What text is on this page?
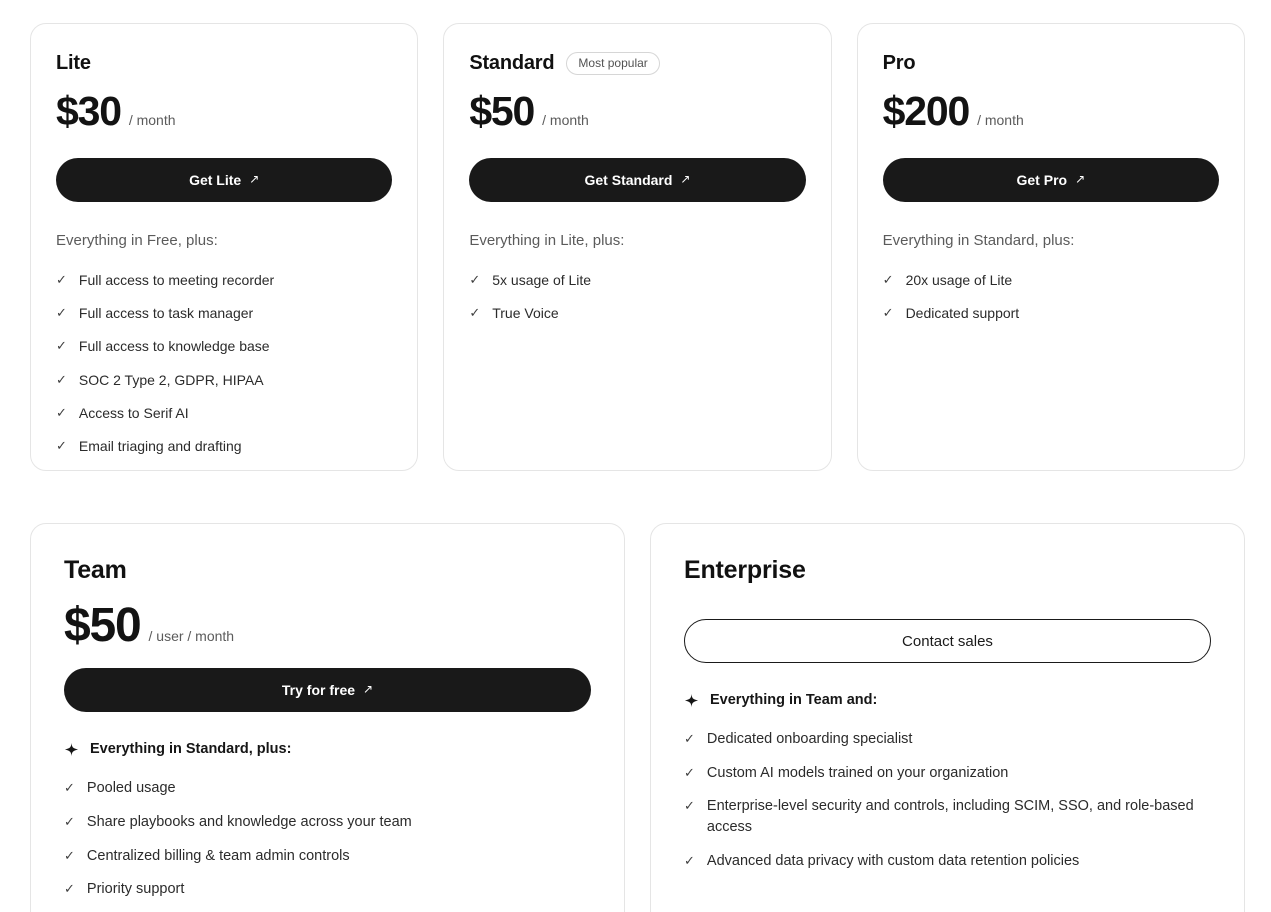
Lite
$30 / month
Get Lite ↗

Everything in Free, plus:

✓ Full access to meeting recorder
✓ Full access to task manager
✓ Full access to knowledge base
✓ SOC 2 Type 2, GDPR, HIPAA
✓ Access to Serif AI
✓ Email triaging and drafting
Standard	Most popular
$50 / month
Get Standard ↗

Everything in Lite, plus:

✓ 5x usage of Lite
✓ True Voice
Pro
$200 / month
Get Pro ↗

Everything in Standard, plus:

✓ 20x usage of Lite
✓ Dedicated support
Team
$50 / user / month
Try for free ↗

Everything in Standard, plus:

✓ Pooled usage
✓ Share playbooks and knowledge across your team
✓ Centralized billing & team admin controls
✓ Priority support
Enterprise
Contact sales

Everything in Team and:

✓ Dedicated onboarding specialist
✓ Custom AI models trained on your organization
✓ Enterprise-level security and controls, including SCIM, SSO, and role-based access
✓ Advanced data privacy with custom data retention policies
